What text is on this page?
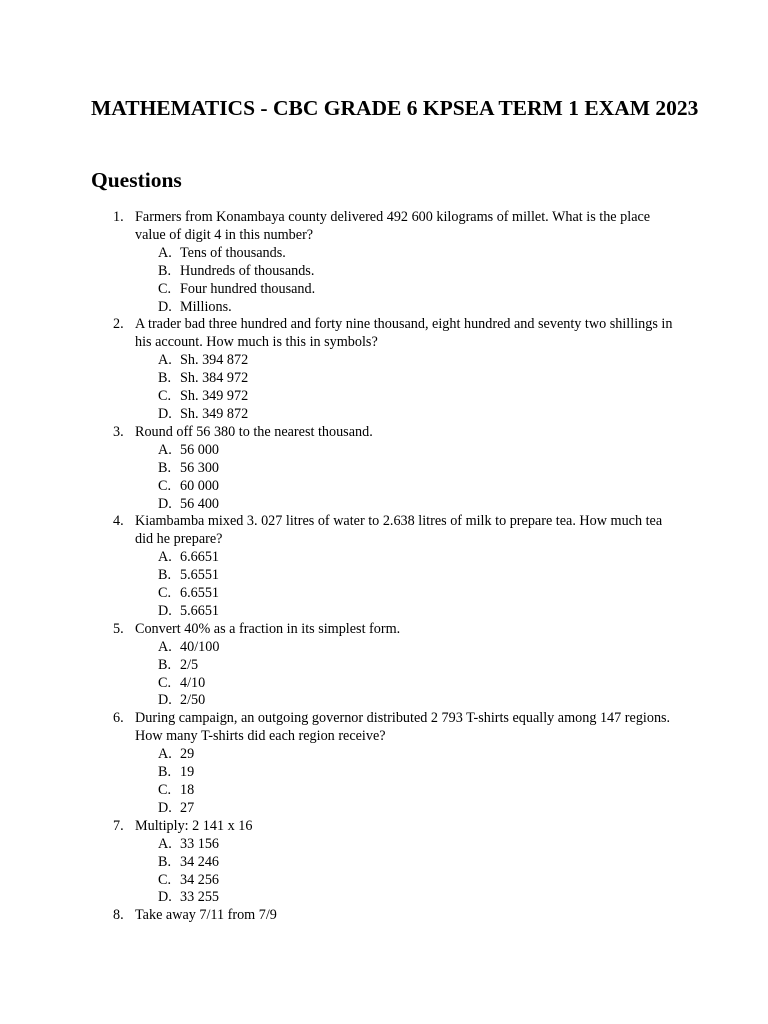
MATHEMATICS - CBC GRADE 6 KPSEA TERM 1 EXAM 2023
Questions
1. Farmers from Konambaya county delivered 492 600 kilograms of millet. What is the place value of digit 4 in this number?
A. Tens of thousands.
B. Hundreds of thousands.
C. Four hundred thousand.
D. Millions.
2. A trader bad three hundred and forty nine thousand, eight hundred and seventy two shillings in his account. How much is this in symbols?
A. Sh. 394 872
B. Sh. 384 972
C. Sh. 349 972
D. Sh. 349 872
3. Round off 56 380 to the nearest thousand.
A. 56 000
B. 56 300
C. 60 000
D. 56 400
4. Kiambamba mixed 3. 027 litres of water to 2.638 litres of milk to prepare tea. How much tea did he prepare?
A. 6.6651
B. 5.6551
C. 6.6551
D. 5.6651
5. Convert 40% as a fraction in its simplest form.
A. 40/100
B. 2/5
C. 4/10
D. 2/50
6. During campaign, an outgoing governor distributed 2 793 T-shirts equally among 147 regions. How many T-shirts did each region receive?
A. 29
B. 19
C. 18
D. 27
7. Multiply: 2 141 x 16
A. 33 156
B. 34 246
C. 34 256
D. 33 255
8. Take away 7/11 from 7/9
